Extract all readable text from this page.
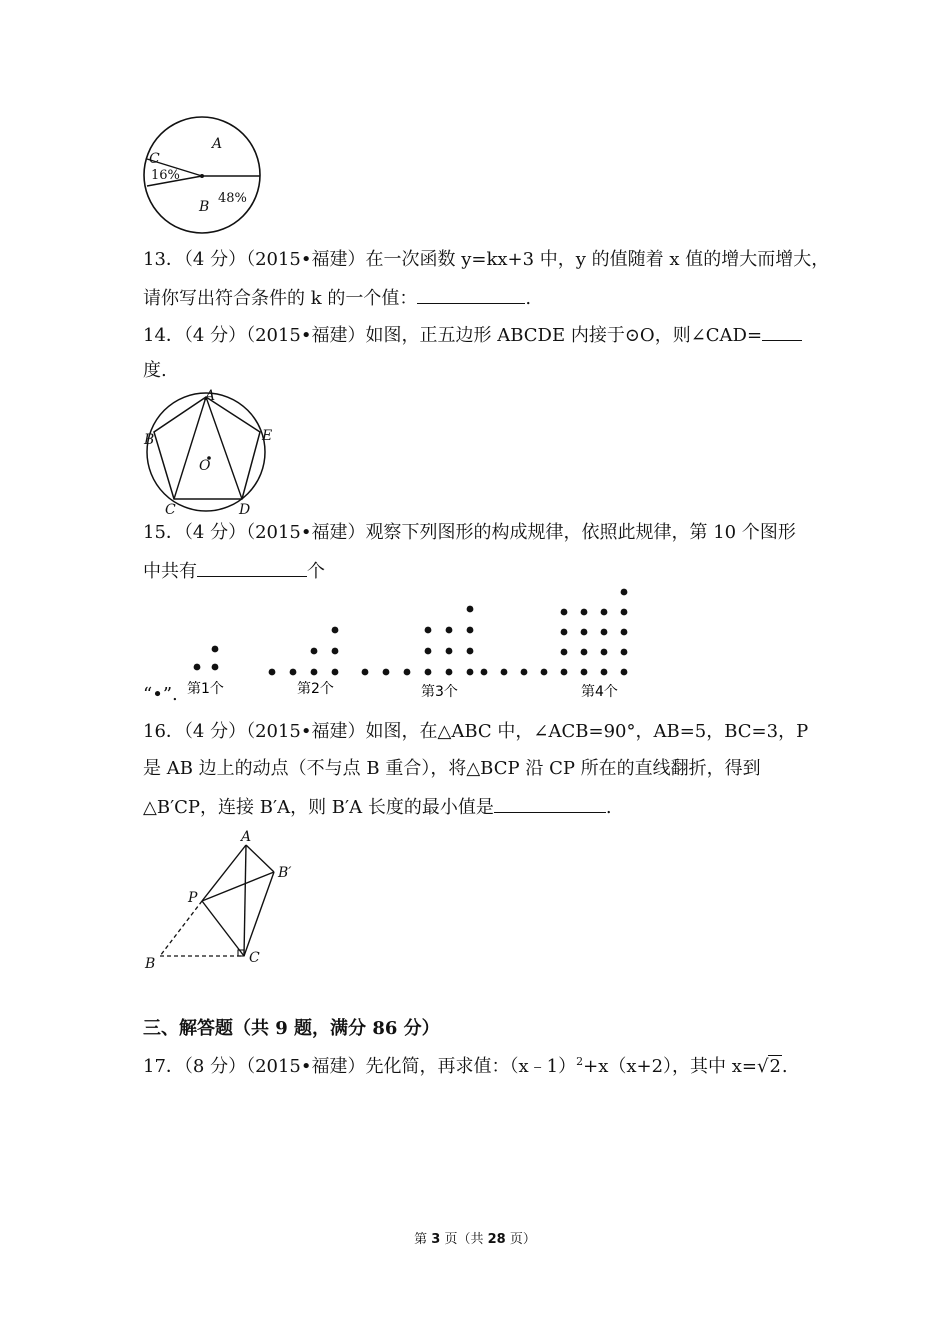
A
C
16%
B
48%
13．（4 分）（2015•福建）在一次函数 y=kx+3 中，y 的值随着 x 值的增大而增大，
请你写出符合条件的 k 的一个值：	.
14．（4 分）（2015•福建）如图，正五边形 ABCDE 内接于⊙O，则∠CAD=
度.
A
B	E
O
C	D
15．（4 分）（2015•福建）观察下列图形的构成规律，依照此规律，第 10 个图形
中共有	个
第1个	第2个	第3个	第4个
“•”.
16．（4 分）（2015•福建）如图，在△ABC 中，∠ACB=90°，AB=5，BC=3，P
是 AB 边上的动点（不与点 B 重合），将△BCP 沿 CP 所在的直线翻折，得到
△B′CP，连接 B′A，则 B′A 长度的最小值是	.
A
B′
P
B	C
三、解答题（共 9 题，满分 86 分）
17．（8 分）（2015•福建）先化简，再求值：（x﹣1）$^2$+x（x+2），其中 x=√2.
第 3 页（共 28 页）
